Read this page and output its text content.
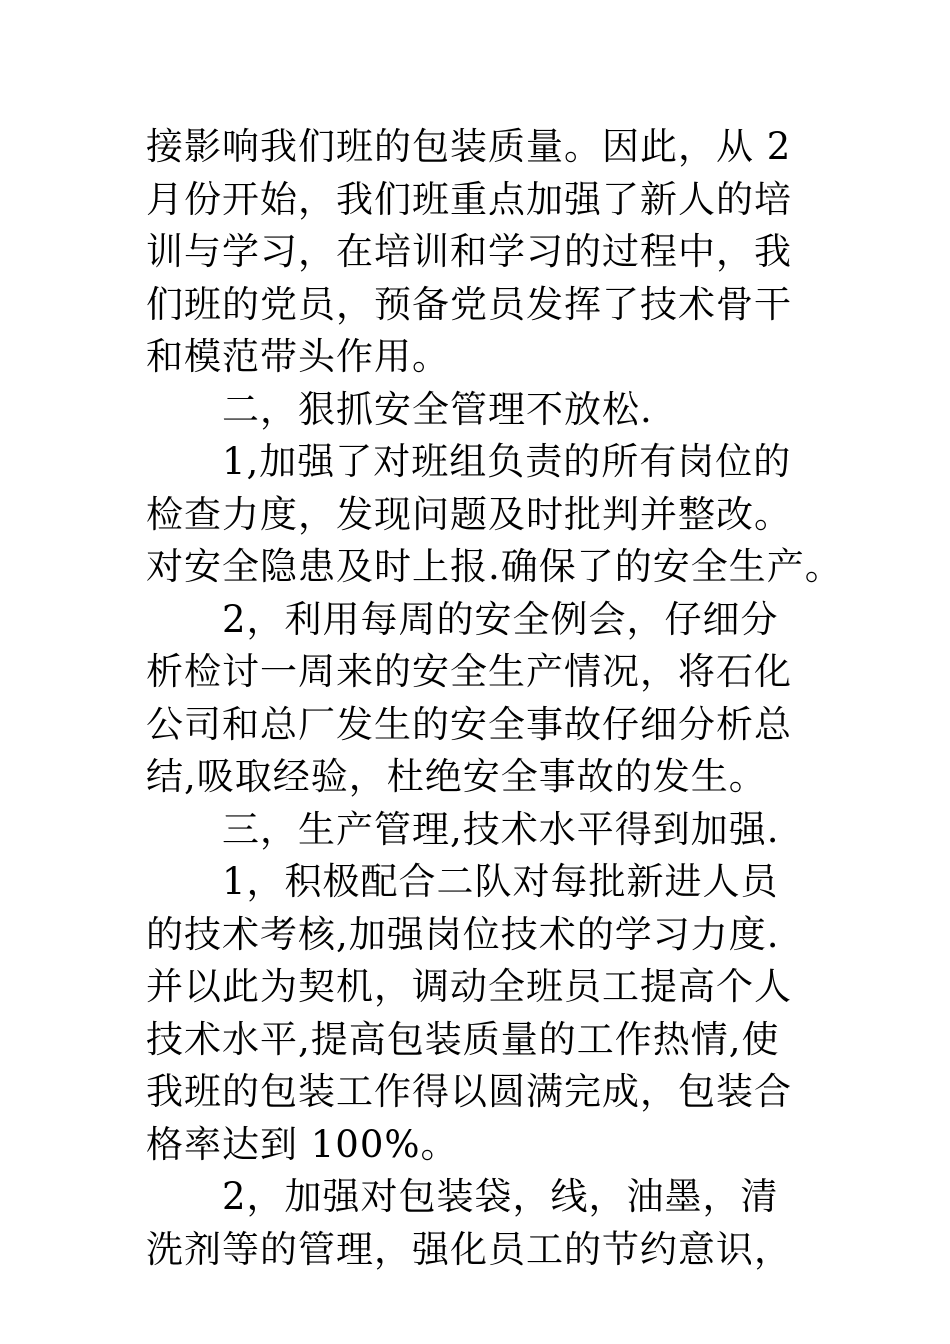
接影响我们班的包装质量。因此，从 2
月份开始，我们班重点加强了新人的培
训与学习，在培训和学习的过程中，我
们班的党员，预备党员发挥了技术骨干
和模范带头作用。
二，狠抓安全管理不放松.
1,加强了对班组负责的所有岗位的
检查力度，发现问题及时批判并整改。
对安全隐患及时上报.确保了的安全生产。
2，利用每周的安全例会，仔细分
析检讨一周来的安全生产情况，将石化
公司和总厂发生的安全事故仔细分析总
结,吸取经验，杜绝安全事故的发生。
三，生产管理,技术水平得到加强.
1，积极配合二队对每批新进人员
的技术考核,加强岗位技术的学习力度.
并以此为契机，调动全班员工提高个人
技术水平,提高包装质量的工作热情,使
我班的包装工作得以圆满完成，包装合
格率达到 100%。
2，加强对包装袋，线，油墨，清
洗剂等的管理，强化员工的节约意识，
